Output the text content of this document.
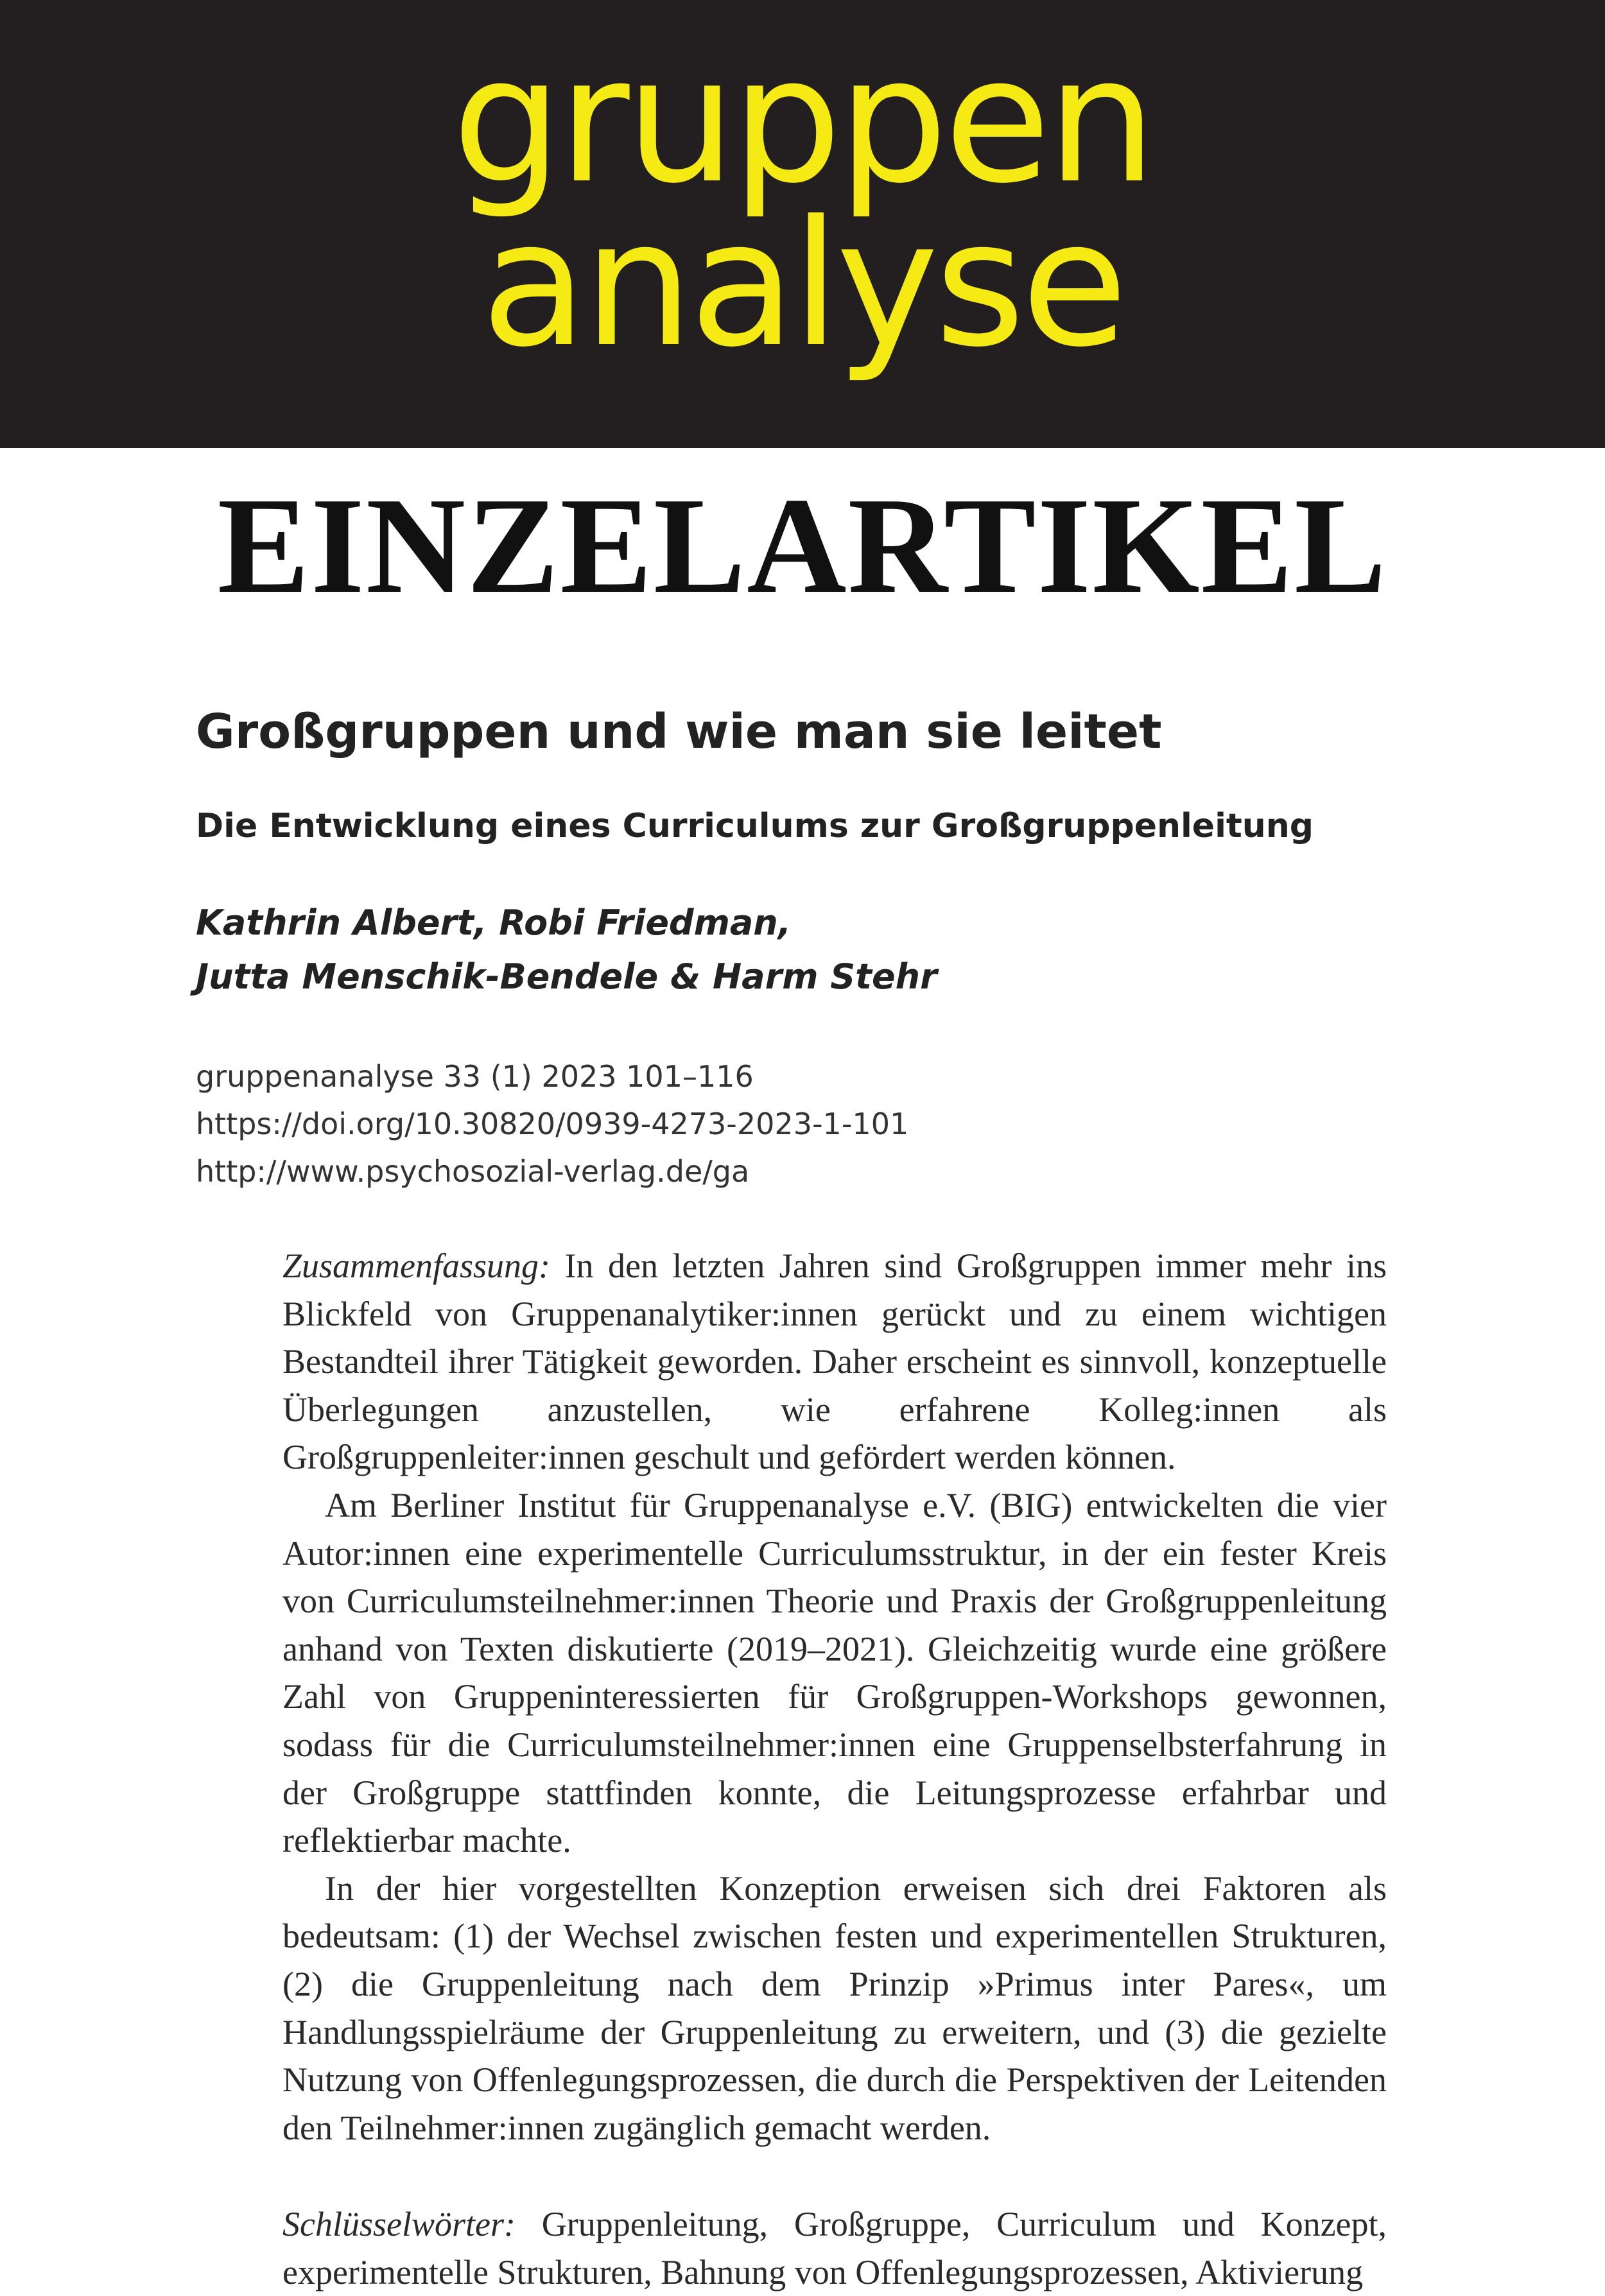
gruppen
analyse
EINZELARTIKEL
Großgruppen und wie man sie leitet
Die Entwicklung eines Curriculums zur Großgruppenleitung
Kathrin Albert, Robi Friedman,
Jutta Menschik-Bendele & Harm Stehr
gruppenanalyse 33 (1) 2023 101–116
https://doi.org/10.30820/0939-4273-2023-1-101
http://www.psychosozial-verlag.de/ga

Zusammenfassung: In den letzten Jahren sind Großgruppen immer mehr ins Blickfeld von Gruppenanalytiker:innen gerückt und zu einem wichtigen Bestandteil ihrer Tätigkeit geworden. Daher erscheint es sinnvoll, konzeptuelle Überlegungen anzustellen, wie erfahrene Kolleg:innen als Großgruppenleiter:innen geschult und gefördert werden können.

Am Berliner Institut für Gruppenanalyse e.V. (BIG) entwickelten die vier Autor:innen eine experimentelle Curriculumsstruktur, in der ein fester Kreis von Curriculumsteilnehmer:innen Theorie und Praxis der Großgruppenleitung anhand von Texten diskutierte (2019–2021). Gleichzeitig wurde eine größere Zahl von Gruppeninteressierten für Großgruppen-Workshops gewonnen, sodass für die Curriculumsteilnehmer:innen eine Gruppenselbsterfahrung in der Großgruppe stattfinden konnte, die Leitungsprozesse erfahrbar und reflektierbar machte.

In der hier vorgestellten Konzeption erweisen sich drei Faktoren als bedeutsam: (1) der Wechsel zwischen festen und experimentellen Strukturen, (2) die Gruppenleitung nach dem Prinzip »Primus inter Pares«, um Handlungsspielräume der Gruppenleitung zu erweitern, und (3) die gezielte Nutzung von Offenlegungsprozessen, die durch die Perspektiven der Leitenden den Teilnehmer:innen zugänglich gemacht werden.

Schlüsselwörter: Gruppenleitung, Großgruppe, Curriculum und Konzept, experimentelle Strukturen, Bahnung von Offenlegungsprozessen, Aktivierung
